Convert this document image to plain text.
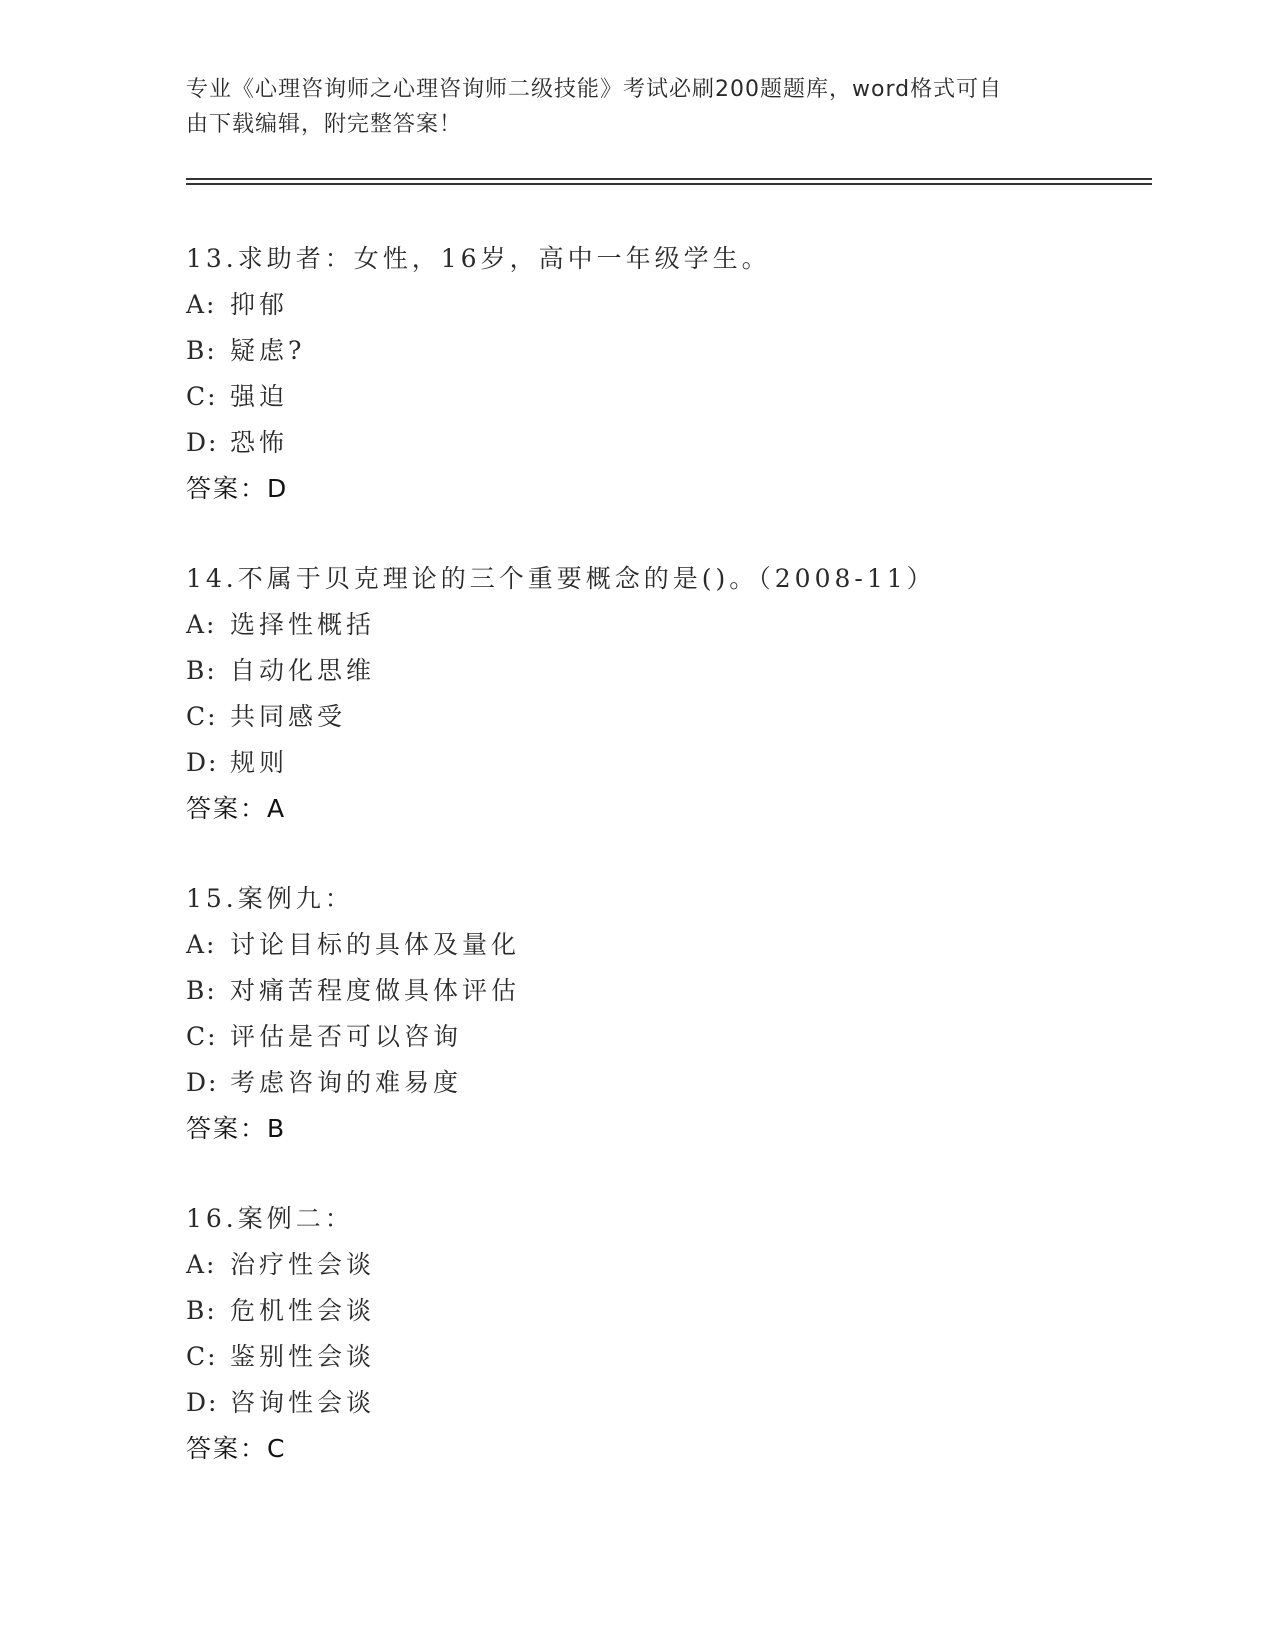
专业《心理咨询师之心理咨询师二级技能》考试必刷200题题库，word格式可自
由下载编辑，附完整答案！
13.求助者：女性，16岁，高中一年级学生。
A: 抑郁
B: 疑虑?
C: 强迫
D: 恐怖
答案：D
14.不属于贝克理论的三个重要概念的是()。（2008-11）
A: 选择性概括
B: 自动化思维
C: 共同感受
D: 规则
答案：A
15.案例九：
A: 讨论目标的具体及量化
B: 对痛苦程度做具体评估
C: 评估是否可以咨询
D: 考虑咨询的难易度
答案：B
16.案例二：
A: 治疗性会谈
B: 危机性会谈
C: 鉴别性会谈
D: 咨询性会谈
答案：C
